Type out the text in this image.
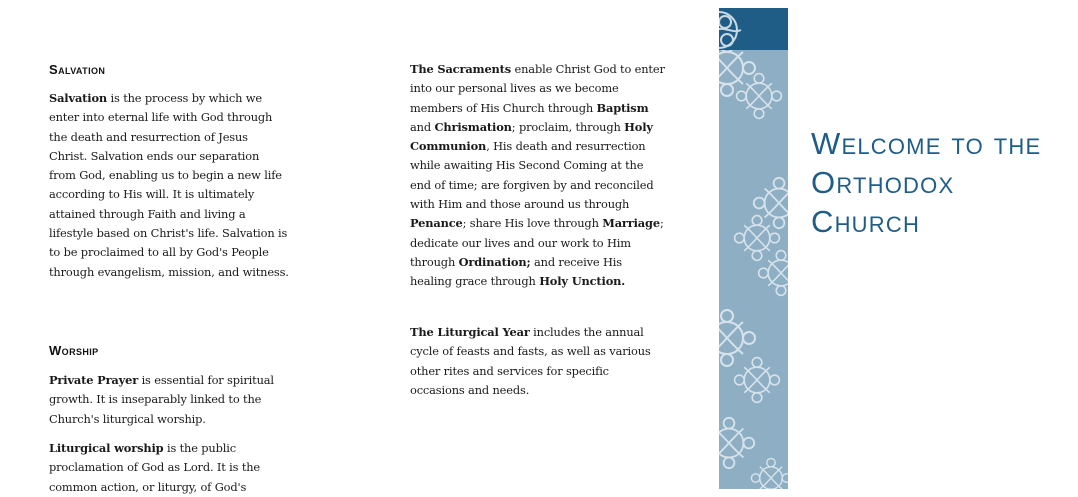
Salvation

Salvation is the process by which we enter into eternal life with God through the death and resurrection of Jesus Christ. Salvation ends our separation from God, enabling us to begin a new life according to His will. It is ultimately attained through Faith and living a lifestyle based on Christ's life. Salvation is to be proclaimed to all by God's People through evangelism, mission, and witness.

Worship

Private Prayer is essential for spiritual growth. It is inseparably linked to the Church's liturgical worship.

Liturgical worship is the public proclamation of God as Lord. It is the common action, or liturgy, of God's

The Sacraments enable Christ God to enter into our personal lives as we become members of His Church through Baptism and Chrismation; proclaim, through Holy Communion, His death and resurrection while awaiting His Second Coming at the end of time; are forgiven by and reconciled with Him and those around us through Penance; share His love through Marriage; dedicate our lives and our work to Him through Ordination; and receive His healing grace through Holy Unction.

The Liturgical Year includes the annual cycle of feasts and fasts, as well as various other rites and services for specific occasions and needs.

Welcome to the Orthodox Church
